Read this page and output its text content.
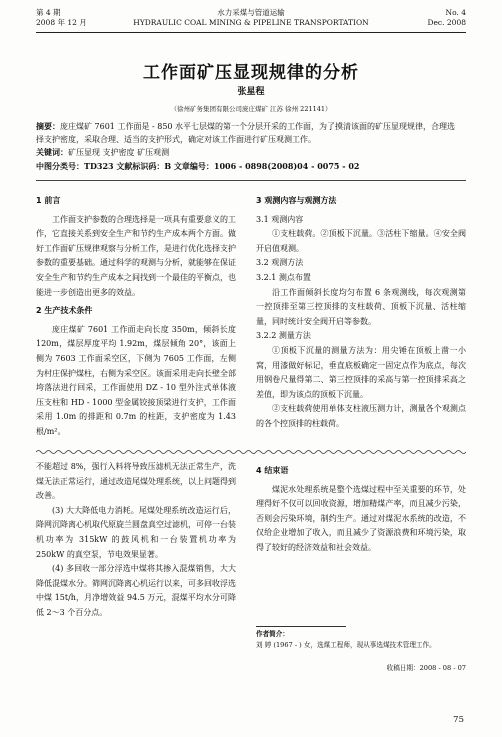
第 4 期
2008 年 12 月
水力采煤与管道运输
HYDRAULIC COAL MINING & PIPELINE TRANSPORTATION
No. 4
Dec. 2008
工作面矿压显现规律的分析
张星程
（徐州矿务集团有限公司庞庄煤矿 江苏 徐州 221141）

摘要：庞庄煤矿 7601 工作面是 - 850 水平七层煤的第一个分层开采的工作面，为了摸清该面的矿压显现规律，合理选择支护密度，采取合理、适当的支护形式，确定对该工作面进行矿压观测工作。

关键词：矿压显现 支护密度 矿压观测

中图分类号：TD323 文献标识码：B 文章编号：1006 - 0898(2008)04 - 0075 - 02

1 前言

工作面支护参数的合理选择是一项具有重要意义的工作，它直接关系到安全生产和节约生产成本两个方面。做好工作面矿压规律观察与分析工作，是进行优化选择支护参数的重要基础。通过科学的观测与分析，就能够在保证安全生产和节约生产成本之间找到一个最佳的平衡点，也能进一步创造出更多的效益。

2 生产技术条件

庞庄煤矿 7601 工作面走向长度 350m，倾斜长度 120m，煤层厚度平均 1.92m，煤层倾角 20°，该面上侧为 7603 工作面采空区，下侧为 7605 工作面，左侧为村庄保护煤柱，右侧为采空区。该面采用走向长壁全部垮落法进行回采，工作面使用 DZ - 10 型外注式单体液压支柱和 HD - 1000 型金属铰接顶梁进行支护，工作面采用 1.0m 的排距和 0.7m 的柱距，支护密度为 1.43 根/m²。

3 观测内容与观测方法

3.1 观测内容

①支柱载荷。②顶板下沉量。③活柱下缩量。④安全阀开启值观测。

3.2 观测方法

3.2.1 测点布置

沿工作面倾斜长度均匀布置 6 条观测线，每次观测第一控顶排至第三控顶排的支柱载荷、顶板下沉量、活柱缩量，同时统计安全阀开启等参数。

3.2.2 测量方法

①顶板下沉量的测量方法为：用尖锤在顶板上凿一小窝，用漆做好标记，垂直底板确定一固定点作为底点，每次用钢卷尺量得第二、第三控顶排的采高与第一控顶排采高之差值，即为该点的顶板下沉量。

②支柱载荷使用单体支柱液压测力计，测量各个观测点的各个控顶排的柱载荷。

不能超过 8%，强行入料将导致压滤机无法正常生产，洗煤无法正常运行，通过改造尾煤处理系统，以上问题得到改善。

(3) 大大降低电力消耗。尾煤处理系统改造运行后，降网沉降离心机取代原旋兰圆盘真空过滤机，可停一台装机功率为 315kW 的鼓风机和一台装置机功率为 250kW 的真空泵，节电效果显著。

(4) 多回收一部分浮选中煤将其掺入混煤销售，大大降低混煤水分。筛网沉降离心机运行以来，可多回收浮选中煤 15t/h，月净增效益 94.5 万元，混煤平均水分可降低 2～3 个百分点。

4 结束语

煤泥水处理系统是整个选煤过程中至关重要的环节，处理得好不仅可以回收资源，增加精煤产率，而且减少污染，否则会污染环境，制约生产。通过对煤泥水系统的改造，不仅给企业增加了收入，而且减少了资源浪费和环境污染，取得了较好的经济效益和社会效益。

作者简介：
刘 婷 (1967 - ) 女，选煤工程师，现从事选煤技术管理工作。
收稿日期：2008 - 08 - 07
75
